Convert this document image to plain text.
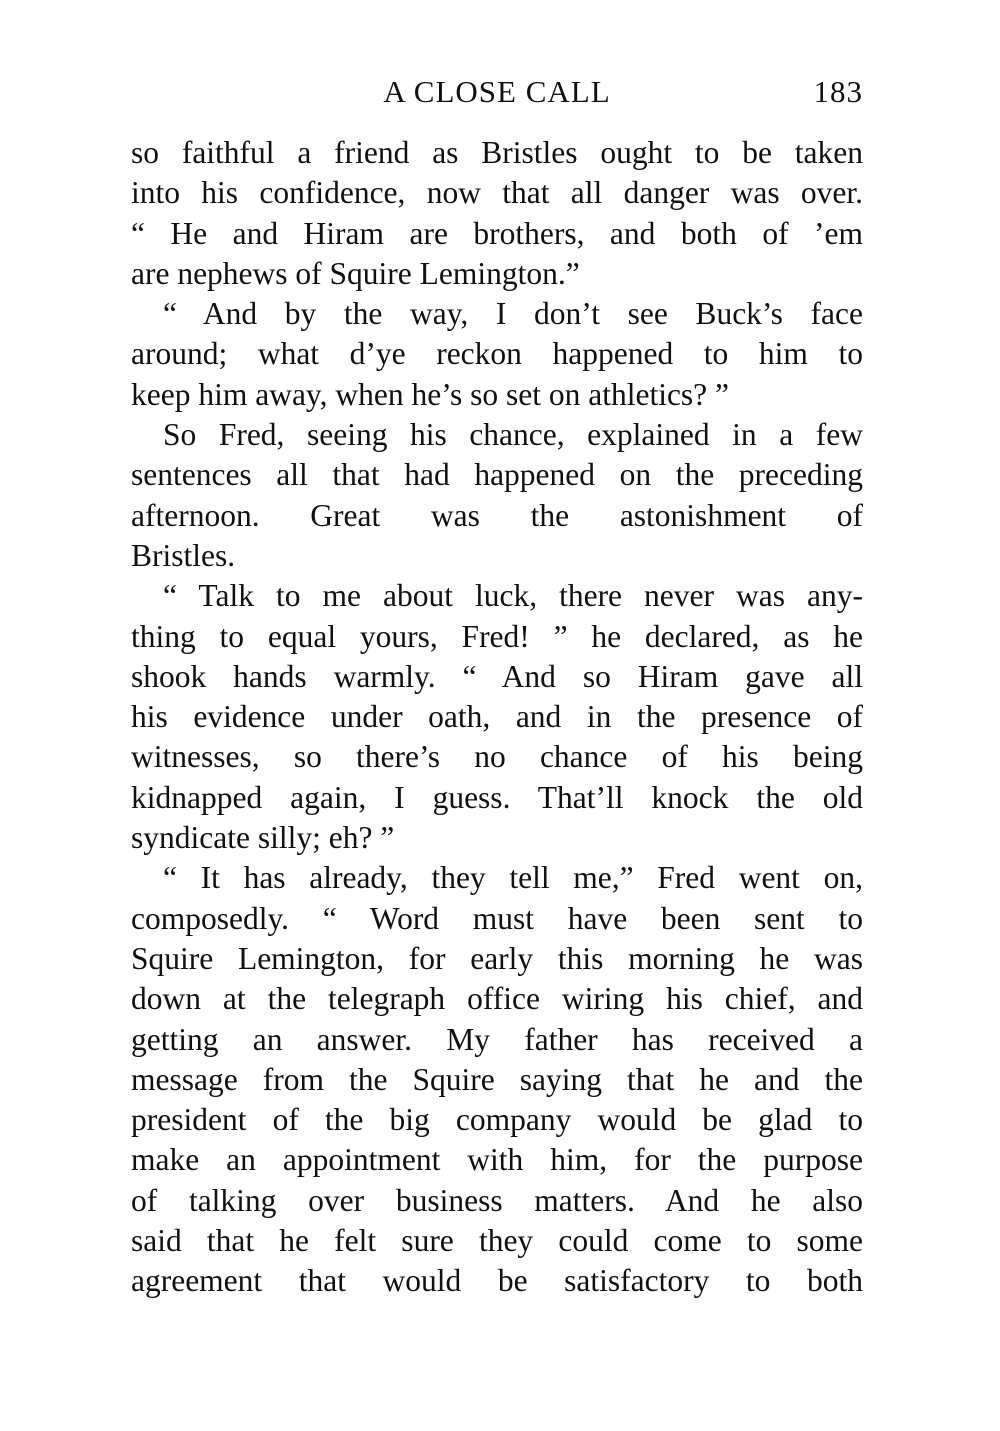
A CLOSE CALL	183
so faithful a friend as Bristles ought to be taken
into his confidence, now that all danger was over.
“ He and Hiram are brothers, and both of ’em
are nephews of Squire Lemington.”
“ And by the way, I don’t see Buck’s face
around; what d’ye reckon happened to him to
keep him away, when he’s so set on athletics? ”
So Fred, seeing his chance, explained in a few
sentences all that had happened on the preceding
afternoon. Great was the astonishment of
Bristles.
“ Talk to me about luck, there never was any-
thing to equal yours, Fred! ” he declared, as he
shook hands warmly. “ And so Hiram gave all
his evidence under oath, and in the presence of
witnesses, so there’s no chance of his being
kidnapped again, I guess. That’ll knock the old
syndicate silly; eh? ”
“ It has already, they tell me,” Fred went on,
composedly. “ Word must have been sent to
Squire Lemington, for early this morning he was
down at the telegraph office wiring his chief, and
getting an answer. My father has received a
message from the Squire saying that he and the
president of the big company would be glad to
make an appointment with him, for the purpose
of talking over business matters. And he also
said that he felt sure they could come to some
agreement that would be satisfactory to both
